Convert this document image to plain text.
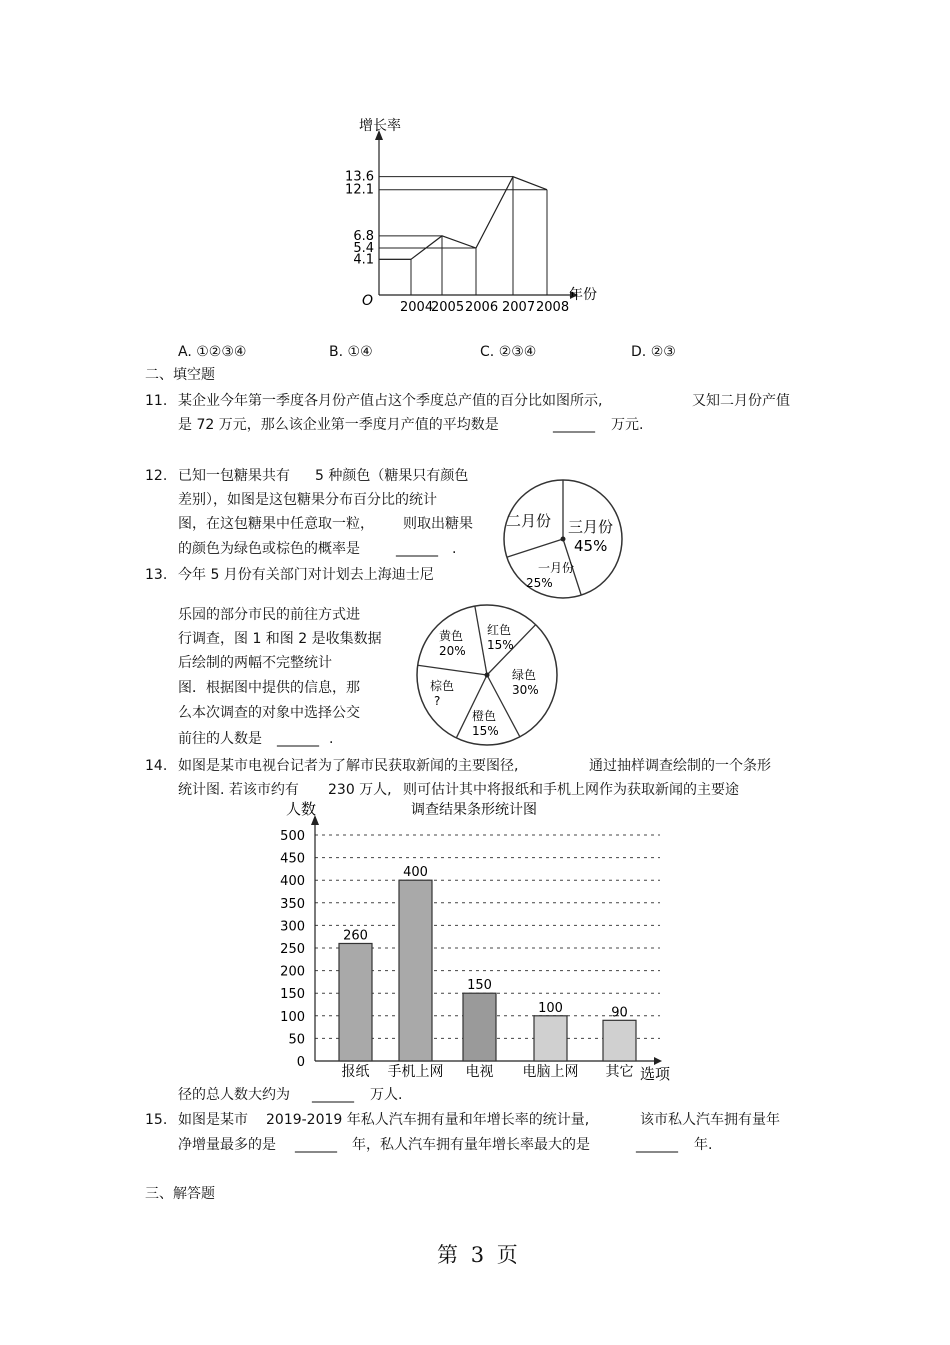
增长率
年份
O
4.1
5.4
6.8
12.1
13.6
2004
2005 2006 2007 2008
A. ①②③④	B. ①④	C. ②③④	D. ②③
二、填空题
11. 某企业今年第一季度各月份产值占这个季度总产值的百分比如图所示,	又知二月份产值
是 72 万元，那么该企业第一季度月产值的平均数是	______ 万元.
12. 已知一包糖果共有 5 种颜色（糖果只有颜色
差别），如图是这包糖果分布百分比的统计
图，在这包糖果中任意取一粒， 则取出糖果
的颜色为绿色或棕色的概率是	______ .
一月份
25%
二月份 三月份
45%
13. 今年 5 月份有关部门对计划去上海迪士尼
乐园的部分市民的前往方式进
行调查，图 1 和图 2 是收集数据
后绘制的两幅不完整统计
图．根据图中提供的信息，那
么本次调查的对象中选择公交
前往的人数是 ______ .
红色
15%
绿色
30%
橙色
15%
棕色
?
黄色
20%
14. 如图是某市电视台记者为了解市民获取新闻的主要图径,	通过抽样调查绘制的一个条形
统计图. 若该市约有 230 万人, 则可估计其中将报纸和手机上网作为获取新闻的主要途
人数	调查结果条形统计图
选项
0
50
100
150
200
250
300
350
400
450
500
260
报纸
400
手机上网
150
电视
100
电脑上网
90
其它
径的总人数大约为 ______ 万人.
15. 如图是某市 2019-2019 年私人汽车拥有量和年增长率的统计量,	该市私人汽车拥有量年
净增量最多的是 ______ 年，私人汽车拥有量年增长率最大的是	______ 年.
三、解答题
第 3 页
